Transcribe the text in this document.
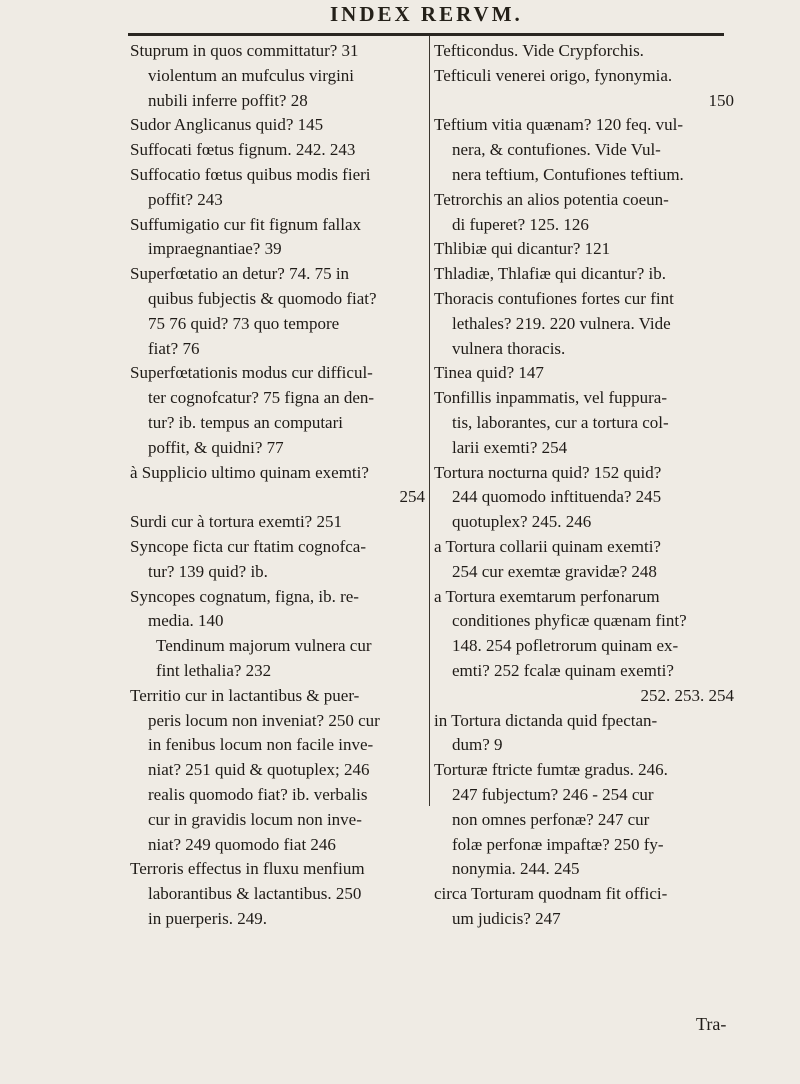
INDEX RERVM.
Stuprum in quos committatur? 31
violentum an mufculus virgini
nubili inferre poffit? 28
Sudor Anglicanus quid? 145
Suffocati fœtus fignum. 242. 243
Suffocatio fœtus quibus modis fieri
poffit? 243
Suffumigatio cur fit fignum fallax
impraegnantiae? 39
Superfœtatio an detur? 74. 75 in
quibus fubjectis & quomodo fiat?
75 76 quid? 73 quo tempore
fiat? 76
Superfœtationis modus cur difficul-
ter cognofcatur? 75 figna an den-
tur? ib. tempus an computari
poffit, & quidni? 77
à Supplicio ultimo quinam exemti?
254
Surdi cur à tortura exemti? 251
Syncope ficta cur ftatim cognofca-
tur? 139 quid? ib.
Syncopes cognatum, figna, ib. re-
media. 140
Tendinum majorum vulnera cur
fint lethalia? 232
Territio cur in lactantibus & puer-
peris locum non inveniat? 250 cur
in fenibus locum non facile inve-
niat? 251 quid & quotuplex; 246
realis quomodo fiat? ib. verbalis
cur in gravidis locum non inve-
niat? 249 quomodo fiat 246
Terroris effectus in fluxu menfium
laborantibus & lactantibus. 250
in puerperis. 249.
Tefticondus. Vide Crypforchis.
Tefticuli venerei origo, fynonymia.
150
Teftium vitia quænam? 120 feq. vul-
nera, & contufiones. Vide Vul-
nera teftium, Contufiones teftium.
Tetrorchis an alios potentia coeun-
di fuperet? 125. 126
Thlibiæ qui dicantur? 121
Thladiæ, Thlafiæ qui dicantur? ib.
Thoracis contufiones fortes cur fint
lethales? 219. 220 vulnera. Vide
vulnera thoracis.
Tinea quid? 147
Tonfillis inpammatis, vel fuppura-
tis, laborantes, cur a tortura col-
larii exemti? 254
Tortura nocturna quid? 152 quid?
244 quomodo inftituenda? 245
quotuplex? 245. 246
a Tortura collarii quinam exemti?
254 cur exemtæ gravidæ? 248
a Tortura exemtarum perfonarum
conditiones phyficæ quænam fint?
148. 254 pofletrorum quinam ex-
emti? 252 fcalæ quinam exemti?
252. 253. 254
in Tortura dictanda quid fpectan-
dum? 9
Torturæ ftricte fumtæ gradus. 246.
247 fubjectum? 246 - 254 cur
non omnes perfonæ? 247 cur
folæ perfonæ impaftæ? 250 fy-
nonymia. 244. 245
circa Torturam quodnam fit offici-
um judicis? 247
Tra-
